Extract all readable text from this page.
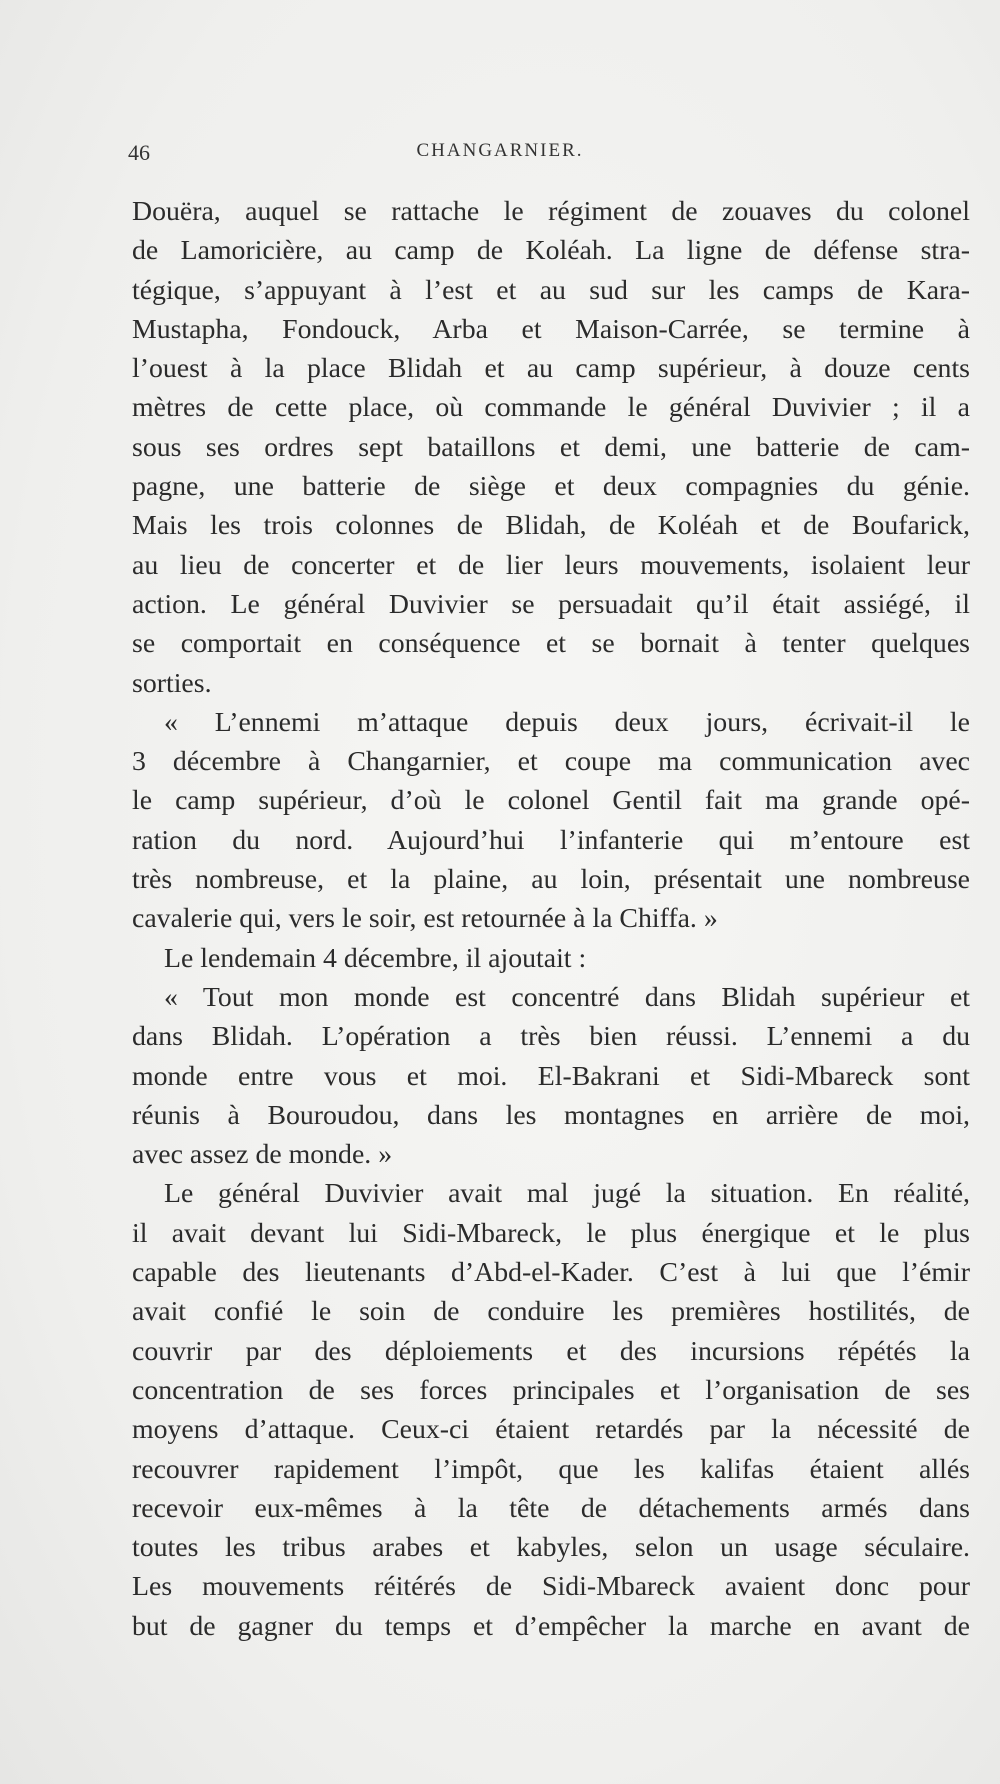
46	CHANGARNIER.
Douëra, auquel se rattache le régiment de zouaves du colonel
de Lamoricière, au camp de Koléah. La ligne de défense stra-
tégique, s’appuyant à l’est et au sud sur les camps de Kara-
Mustapha, Fondouck, Arba et Maison-Carrée, se termine à
l’ouest à la place Blidah et au camp supérieur, à douze cents
mètres de cette place, où commande le général Duvivier ; il a
sous ses ordres sept bataillons et demi, une batterie de cam-
pagne, une batterie de siège et deux compagnies du génie.
Mais les trois colonnes de Blidah, de Koléah et de Boufarick,
au lieu de concerter et de lier leurs mouvements, isolaient leur
action. Le général Duvivier se persuadait qu’il était assiégé, il
se comportait en conséquence et se bornait à tenter quelques
sorties.
« L’ennemi m’attaque depuis deux jours, écrivait-il le
3 décembre à Changarnier, et coupe ma communication avec
le camp supérieur, d’où le colonel Gentil fait ma grande opé-
ration du nord. Aujourd’hui l’infanterie qui m’entoure est
très nombreuse, et la plaine, au loin, présentait une nombreuse
cavalerie qui, vers le soir, est retournée à la Chiffa. »
Le lendemain 4 décembre, il ajoutait :
« Tout mon monde est concentré dans Blidah supérieur et
dans Blidah. L’opération a très bien réussi. L’ennemi a du
monde entre vous et moi. El-Bakrani et Sidi-Mbareck sont
réunis à Bouroudou, dans les montagnes en arrière de moi,
avec assez de monde. »
Le général Duvivier avait mal jugé la situation. En réalité,
il avait devant lui Sidi-Mbareck, le plus énergique et le plus
capable des lieutenants d’Abd-el-Kader. C’est à lui que l’émir
avait confié le soin de conduire les premières hostilités, de
couvrir par des déploiements et des incursions répétés la
concentration de ses forces principales et l’organisation de ses
moyens d’attaque. Ceux-ci étaient retardés par la nécessité de
recouvrer rapidement l’impôt, que les kalifas étaient allés
recevoir eux-mêmes à la tête de détachements armés dans
toutes les tribus arabes et kabyles, selon un usage séculaire.
Les mouvements réitérés de Sidi-Mbareck avaient donc pour
but de gagner du temps et d’empêcher la marche en avant de
